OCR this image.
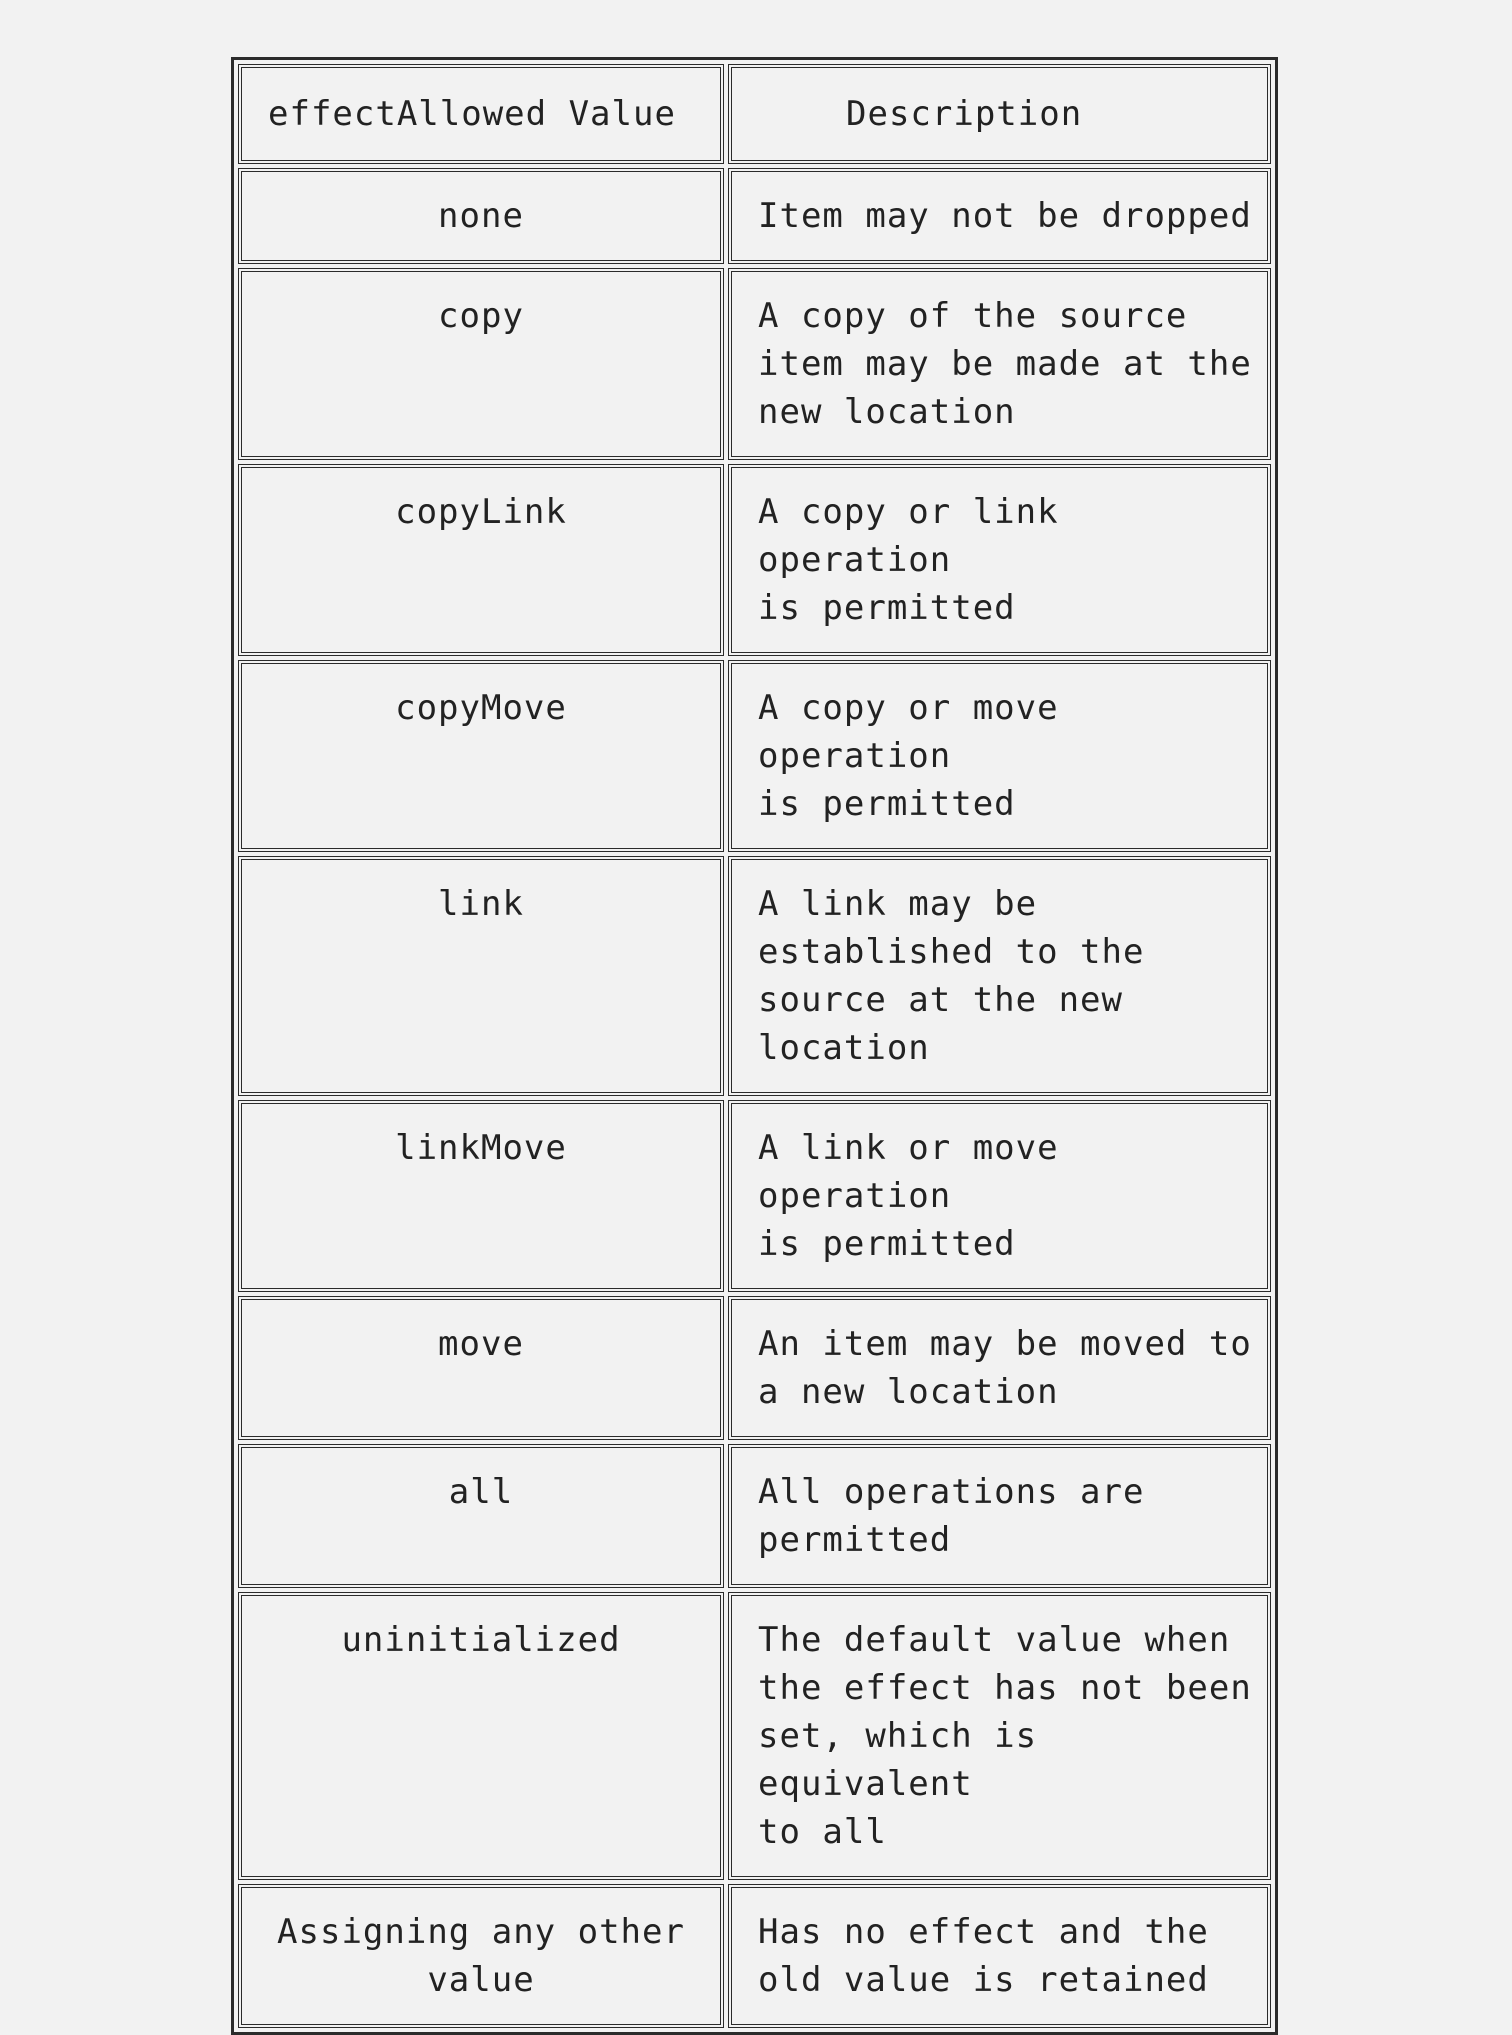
effectAllowed Value	Description
none	Item may not be dropped
copy	A copy of the source
item may be made at the
new location
copyLink	A copy or link operation
is permitted
copyMove	A copy or move operation
is permitted
link	A link may be
established to the
source at the new
location
linkMove	A link or move operation
is permitted
move	An item may be moved to
a new location
all	All operations are
permitted
uninitialized	The default value when
the effect has not been
set, which is equivalent
to all
Assigning any other
value	Has no effect and the
old value is retained
